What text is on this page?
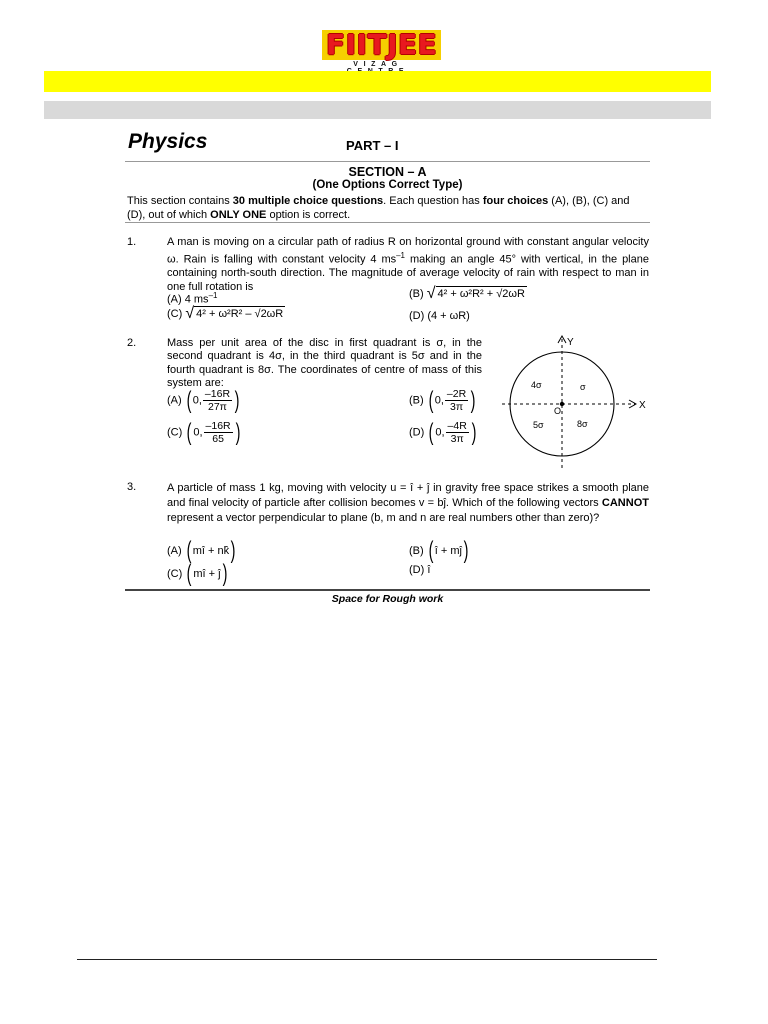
FIITJEE
VIZAG
Physics	PART – I
SECTION – A
(One Options Correct Type)
This section contains 30 multiple choice questions. Each question has four choices (A), (B), (C) and (D), out of which ONLY ONE option is correct.
1.	A man is moving on a circular path of radius R on horizontal ground with constant angular velocity ω. Rain is falling with constant velocity 4 $ms^{-1}$ making an angle 45° with vertical, in the plane containing north-south direction. The magnitude of average velocity of rain with respect to man in one full rotation is
(A) 4 $ms^{-1}$	(B) √ 4² + ω²R² + √2ωR
(C) √ 4² + ω²R² – √2ωR	(D) (4 + ωR)
2.	Mass per unit area of the disc in first quadrant is σ, in the second quadrant is 4σ, in the third quadrant is 5σ and in the fourth quadrant is 8σ. The coordinates of centre of mass of this system are:
(A) ( 0, $\frac{-16R}{27\pi}$ )	(B) ( 0, $\frac{-2R}{3\pi}$ )
(C) ( 0, $\frac{-16R}{65}$ )	(D) ( 0, $\frac{-4R}{3\pi}$ )
Y
X
O
σ
4σ
5σ	8σ
3.	A particle of mass 1 kg, moving with velocity u = î + ĵ in gravity free space strikes a smooth plane and final velocity of particle after collision becomes v = bĵ. Which of the following vectors CANNOT represent a vector perpendicular to plane (b, m and n are real numbers other than zero)?
(A) ( mî + nk̂)	(B) ( î + mĵ)
(C) ( mî + ĵ)	(D) î
Space for Rough work
